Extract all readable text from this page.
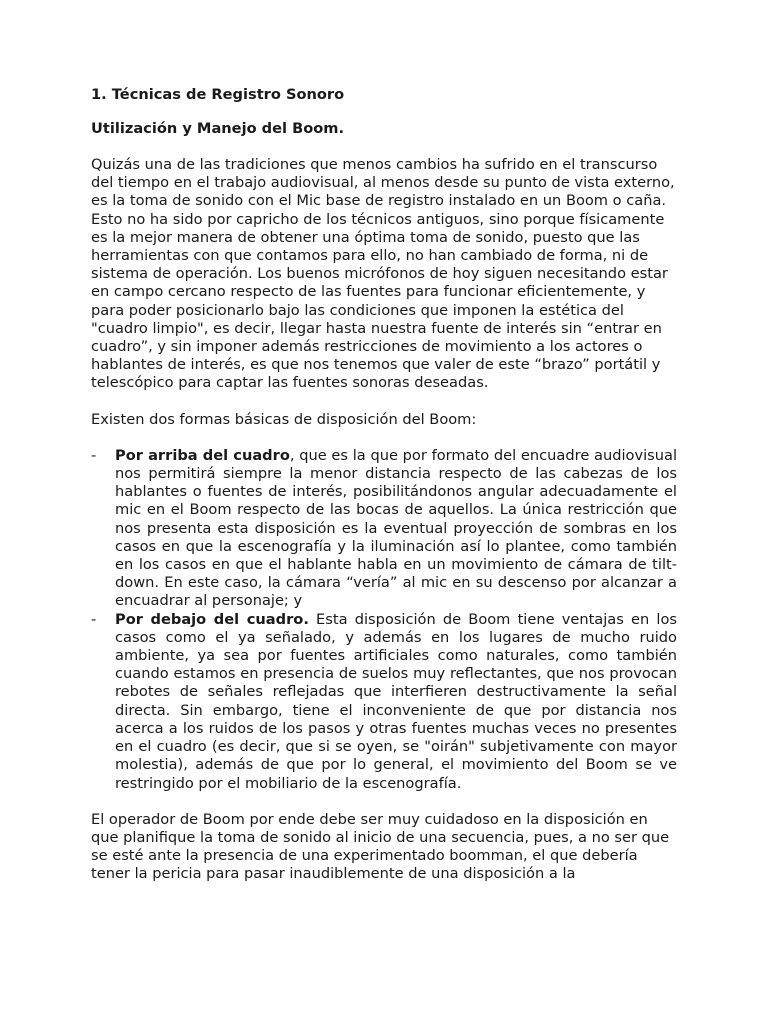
1. Técnicas de Registro Sonoro
Utilización y Manejo del Boom.

Quizás una de las tradiciones que menos cambios ha sufrido en el transcurso del tiempo en el trabajo audiovisual, al menos desde su punto de vista externo, es la toma de sonido con el Mic base de registro instalado en un Boom o caña. Esto no ha sido por capricho de los técnicos antiguos, sino porque físicamente es la mejor manera de obtener una óptima toma de sonido, puesto que las herramientas con que contamos para ello, no han cambiado de forma, ni de sistema de operación. Los buenos micrófonos de hoy siguen necesitando estar en campo cercano respecto de las fuentes para funcionar eficientemente, y para poder posicionarlo bajo las condiciones que imponen la estética del "cuadro limpio", es decir, llegar hasta nuestra fuente de interés sin “entrar en cuadro”, y sin imponer además restricciones de movimiento a los actores o hablantes de interés, es que nos tenemos que valer de este “brazo” portátil y telescópico para captar las fuentes sonoras deseadas.

Existen dos formas básicas de disposición del Boom:

- Por arriba del cuadro, que es la que por formato del encuadre audiovisual nos permitirá siempre la menor distancia respecto de las cabezas de los hablantes o fuentes de interés, posibilitándonos angular adecuadamente el mic en el Boom respecto de las bocas de aquellos. La única restricción que nos presenta esta disposición es la eventual proyección de sombras en los casos en que la escenografía y la iluminación así lo plantee, como también en los casos en que el hablante habla en un movimiento de cámara de tilt-down. En este caso, la cámara “vería” al mic en su descenso por alcanzar a encuadrar al personaje; y
- Por debajo del cuadro. Esta disposición de Boom tiene ventajas en los casos como el ya señalado, y además en los lugares de mucho ruido ambiente, ya sea por fuentes artificiales como naturales, como también cuando estamos en presencia de suelos muy reflectantes, que nos provocan rebotes de señales reflejadas que interfieren destructivamente la señal directa. Sin embargo, tiene el inconveniente de que por distancia nos acerca a los ruidos de los pasos y otras fuentes muchas veces no presentes en el cuadro (es decir, que si se oyen, se "oirán" subjetivamente con mayor molestia), además de que por lo general, el movimiento del Boom se ve restringido por el mobiliario de la escenografía.

El operador de Boom por ende debe ser muy cuidadoso en la disposición en que planifique la toma de sonido al inicio de una secuencia, pues, a no ser que se esté ante la presencia de una experimentado boomman, el que debería tener la pericia para pasar inaudiblemente de una disposición a la
